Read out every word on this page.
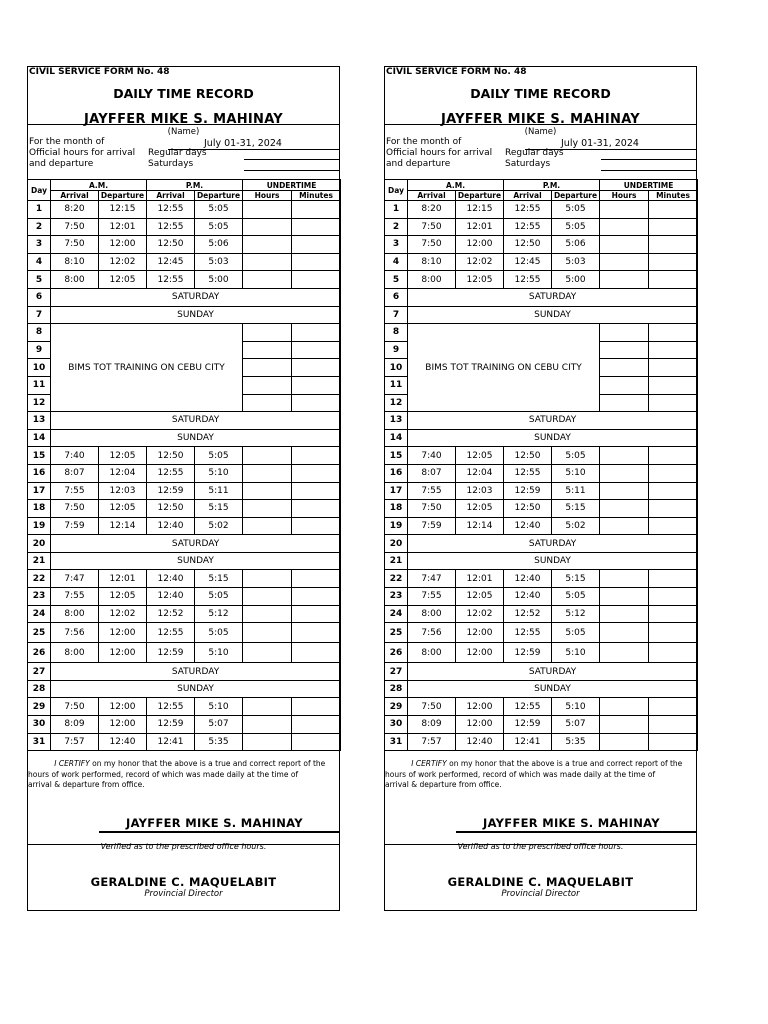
CIVIL SERVICE FORM No. 48
DAILY TIME RECORD
JAYFFER MIKE S. MAHINAY
(Name)
For the month of	July 01-31, 2024
Official hours for arrival
and departure
Regular days
Saturdays
Day	A.M.		P.M.		UNDERTIME	
	Arrival	Departure	Arrival	Departure	Hours	Minutes
1	8:20	12:15	12:55	5:05		
2	7:50	12:01	12:55	5:05		
3	7:50	12:00	12:50	5:06		
4	8:10	12:02	12:45	5:03		
5	8:00	12:05	12:55	5:00		
6	SATURDAY					
7	SUNDAY					
8	BIMS TOT TRAINING ON CEBU CITY					
9						
10						
11						
12						
13	SATURDAY					
14	SUNDAY					
15	7:40	12:05	12:50	5:05		
16	8:07	12:04	12:55	5:10		
17	7:55	12:03	12:59	5:11		
18	7:50	12:05	12:50	5:15		
19	7:59	12:14	12:40	5:02		
20	SATURDAY					
21	SUNDAY					
22	7:47	12:01	12:40	5:15		
23	7:55	12:05	12:40	5:05		
24	8:00	12:02	12:52	5:12		
25	7:56	12:00	12:55	5:05		
26	8:00	12:00	12:59	5:10		
27	SATURDAY					
28	SUNDAY					
29	7:50	12:00	12:55	5:10		
30	8:09	12:00	12:59	5:07		
31	7:57	12:40	12:41	5:35		
I CERTIFY on my honor that the above is a true and correct report of the
hours of work performed, record of which was made daily at the time of
arrival & departure from office.
JAYFFER MIKE S. MAHINAY
Verified as to the prescribed office hours.
GERALDINE C. MAQUELABIT
Provincial Director
CIVIL SERVICE FORM No. 48
DAILY TIME RECORD
JAYFFER MIKE S. MAHINAY
(Name)
For the month of	July 01-31, 2024
Official hours for arrival
and departure
Regular days
Saturdays
Day	A.M.		P.M.		UNDERTIME	
	Arrival	Departure	Arrival	Departure	Hours	Minutes
1	8:20	12:15	12:55	5:05		
2	7:50	12:01	12:55	5:05		
3	7:50	12:00	12:50	5:06		
4	8:10	12:02	12:45	5:03		
5	8:00	12:05	12:55	5:00		
6	SATURDAY					
7	SUNDAY					
8	BIMS TOT TRAINING ON CEBU CITY					
9						
10						
11						
12						
13	SATURDAY					
14	SUNDAY					
15	7:40	12:05	12:50	5:05		
16	8:07	12:04	12:55	5:10		
17	7:55	12:03	12:59	5:11		
18	7:50	12:05	12:50	5:15		
19	7:59	12:14	12:40	5:02		
20	SATURDAY					
21	SUNDAY					
22	7:47	12:01	12:40	5:15		
23	7:55	12:05	12:40	5:05		
24	8:00	12:02	12:52	5:12		
25	7:56	12:00	12:55	5:05		
26	8:00	12:00	12:59	5:10		
27	SATURDAY					
28	SUNDAY					
29	7:50	12:00	12:55	5:10		
30	8:09	12:00	12:59	5:07		
31	7:57	12:40	12:41	5:35		
I CERTIFY on my honor that the above is a true and correct report of the
hours of work performed, record of which was made daily at the time of
arrival & departure from office.
JAYFFER MIKE S. MAHINAY
Verified as to the prescribed office hours.
GERALDINE C. MAQUELABIT
Provincial Director
